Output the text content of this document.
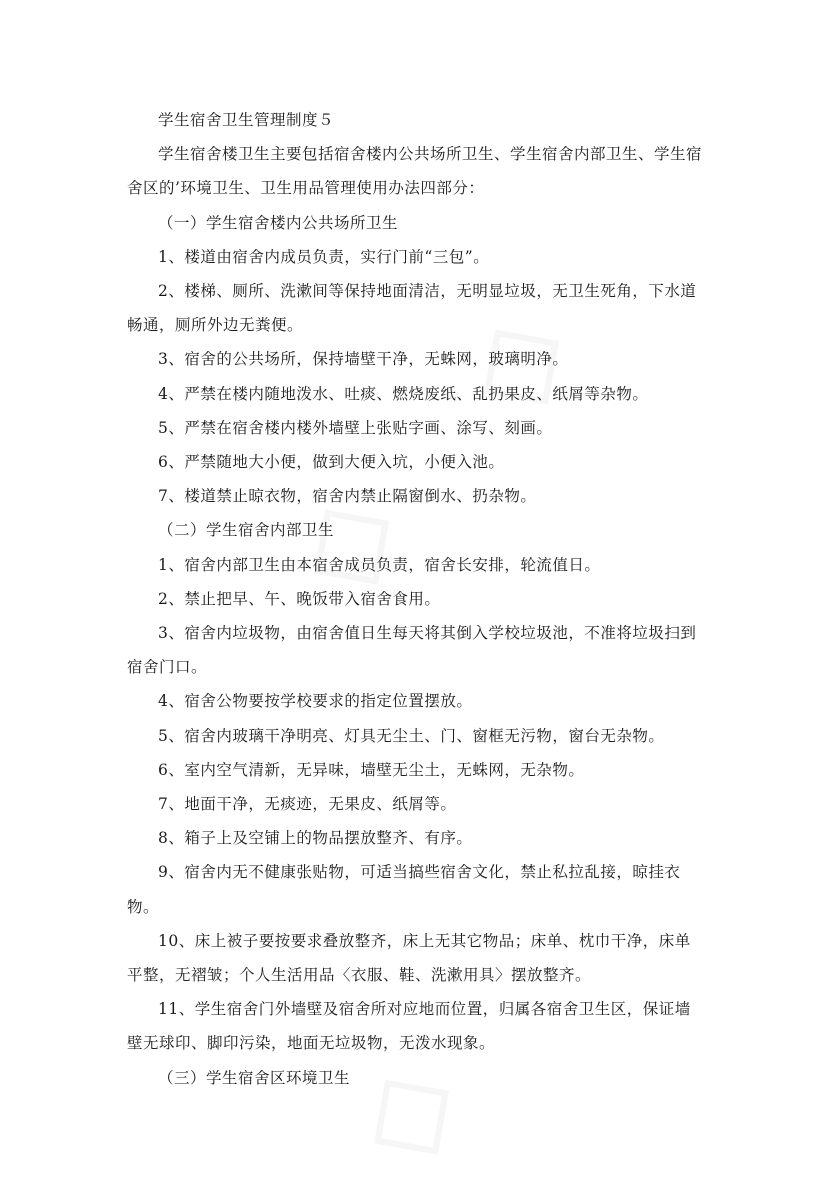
学生宿舍卫生管理制度５

学生宿舍楼卫生主要包括宿舍楼内公共场所卫生、学生宿舍内部卫生、学生宿舍区的’环境卫生、卫生用品管理使用办法四部分：

（一）学生宿舍楼内公共场所卫生

1、楼道由宿舍内成员负责，实行门前“三包”。

2、楼梯、厕所、洗漱间等保持地面清洁，无明显垃圾，无卫生死角，下水道畅通，厕所外边无粪便。

3、宿舍的公共场所，保持墙壁干净，无蛛网，玻璃明净。

4、严禁在楼内随地泼水、吐痰、燃烧废纸、乱扔果皮、纸屑等杂物。

5、严禁在宿舍楼内楼外墙壁上张贴字画、涂写、刻画。

6、严禁随地大小便，做到大便入坑，小便入池。

7、楼道禁止晾衣物，宿舍内禁止隔窗倒水、扔杂物。

（二）学生宿舍内部卫生

1、宿舍内部卫生由本宿舍成员负责，宿舍长安排，轮流值日。

2、禁止把早、午、晚饭带入宿舍食用。

3、宿舍内垃圾物，由宿舍值日生每天将其倒入学校垃圾池，不准将垃圾扫到宿舍门口。

4、宿舍公物要按学校要求的指定位置摆放。

5、宿舍内玻璃干净明亮、灯具无尘土、门、窗框无污物，窗台无杂物。

6、室内空气清新，无异味，墙壁无尘土，无蛛网，无杂物。

7、地面干净，无痰迹，无果皮、纸屑等。

8、箱子上及空铺上的物品摆放整齐、有序。

9、宿舍内无不健康张贴物，可适当搞些宿舍文化，禁止私拉乱接，晾挂衣物。

10、床上被子要按要求叠放整齐，床上无其它物品；床单、枕巾干净，床单平整，无褶皱；个人生活用品〈衣服、鞋、洗漱用具〉摆放整齐。

11、学生宿舍门外墙壁及宿舍所对应地而位置，归属各宿舍卫生区，保证墙壁无球印、脚印污染，地面无垃圾物，无泼水现象。

（三）学生宿舍区环境卫生
